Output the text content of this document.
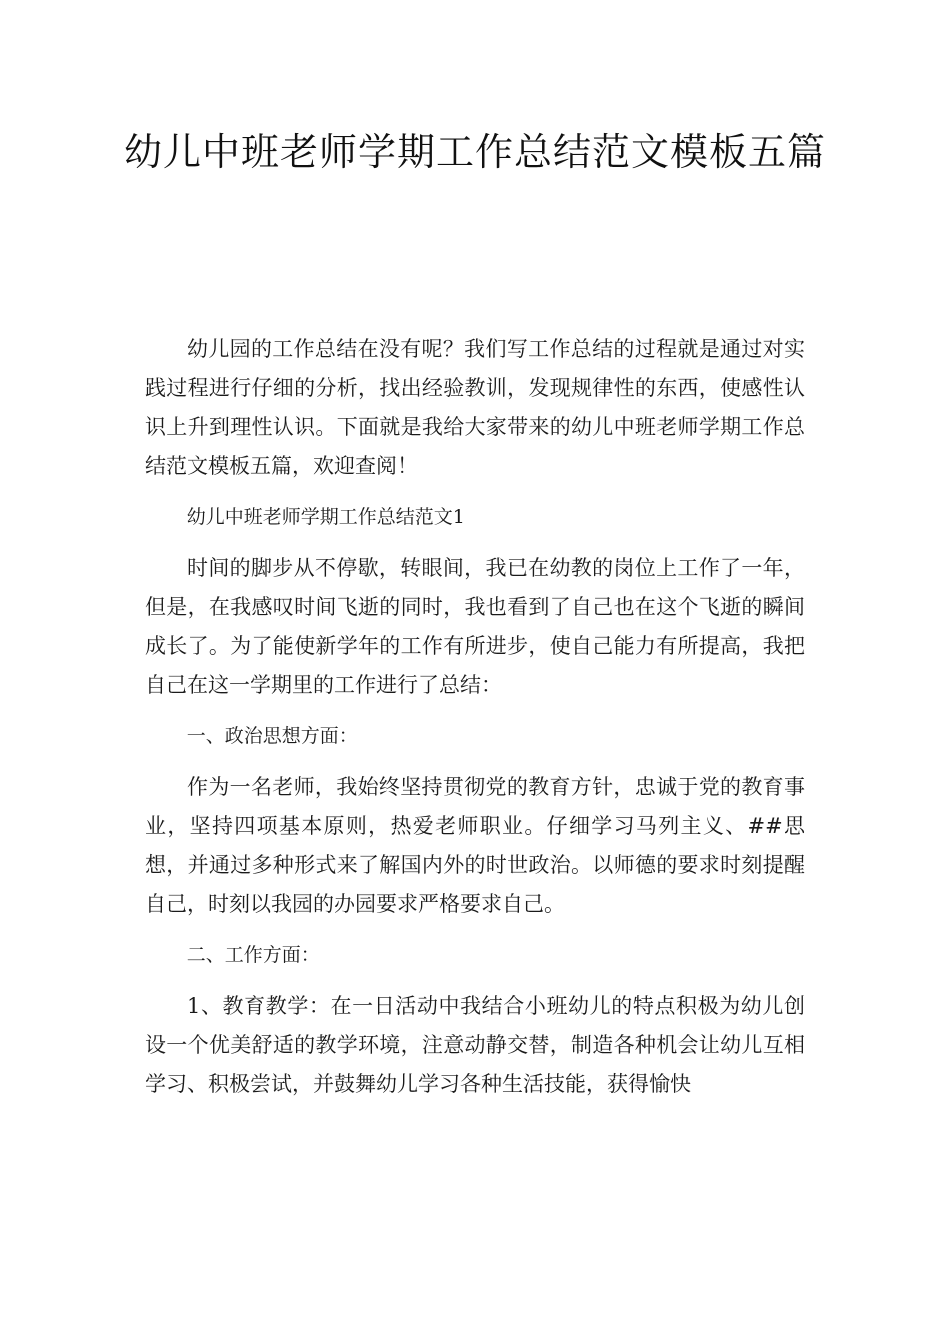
幼儿中班老师学期工作总结范文模板五篇

幼儿园的工作总结在没有呢？我们写工作总结的过程就是通过对实践过程进行仔细的分析，找出经验教训，发现规律性的东西，使感性认识上升到理性认识。下面就是我给大家带来的幼儿中班老师学期工作总结范文模板五篇，欢迎查阅！

幼儿中班老师学期工作总结范文1

时间的脚步从不停歇，转眼间，我已在幼教的岗位上工作了一年，但是，在我感叹时间飞逝的同时，我也看到了自己也在这个飞逝的瞬间成长了。为了能使新学年的工作有所进步，使自己能力有所提高，我把自己在这一学期里的工作进行了总结：

一、政治思想方面：

作为一名老师，我始终坚持贯彻党的教育方针，忠诚于党的教育事业，坚持四项基本原则，热爱老师职业。仔细学习马列主义、##思想，并通过多种形式来了解国内外的时世政治。以师德的要求时刻提醒自己，时刻以我园的办园要求严格要求自己。

二、工作方面：

1、教育教学：在一日活动中我结合小班幼儿的特点积极为幼儿创设一个优美舒适的教学环境，注意动静交替，制造各种机会让幼儿互相学习、积极尝试，并鼓舞幼儿学习各种生活技能，获得愉快
